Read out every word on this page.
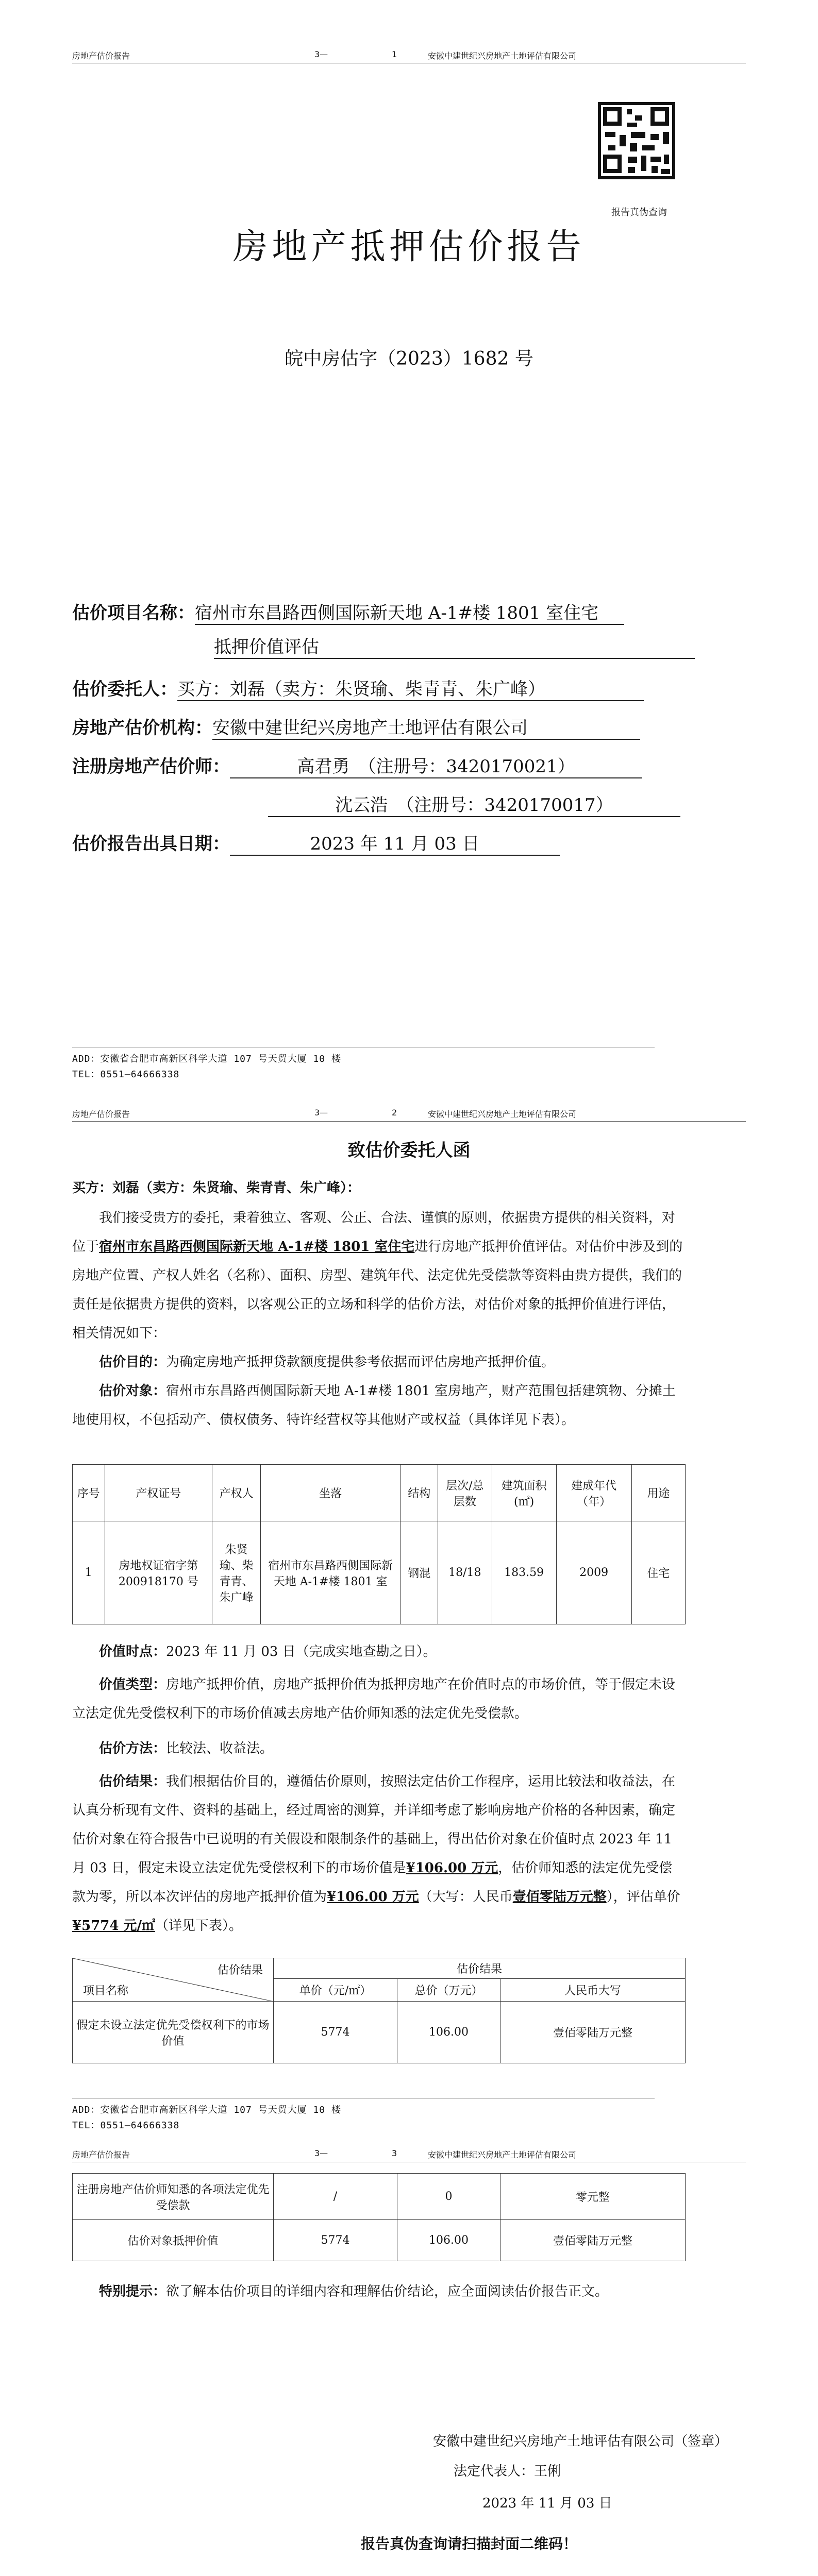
房地产估价报告	3—	1	安徽中建世纪兴房地产土地评估有限公司
报告真伪查询
房地产抵押估价报告
皖中房估字（2023）1682 号
估价项目名称：宿州市东昌路西侧国际新天地 A-1#楼 1801 室住宅
抵押价值评估
估价委托人：买方：刘磊（卖方：朱贤瑜、柴青青、朱广峰）
房地产估价机构：安徽中建世纪兴房地产土地评估有限公司
注册房地产估价师：	高君勇　（注册号：3420170021）
沈云浩　（注册号：3420170017）
估价报告出具日期：	2023 年 11 月 03 日
ADD：安徽省合肥市高新区科学大道 107 号天贸大厦 10 楼
TEL：0551—64666338
房地产估价报告	3—	2	安徽中建世纪兴房地产土地评估有限公司
致估价委托人函
买方：刘磊（卖方：朱贤瑜、柴青青、朱广峰）：
我们接受贵方的委托，秉着独立、客观、公正、合法、谨慎的原则，依据贵方提供的相关资料，对位于宿州市东昌路西侧国际新天地 A-1#楼 1801 室住宅进行房地产抵押价值评估。对估价中涉及到的房地产位置、产权人姓名（名称）、面积、房型、建筑年代、法定优先受偿款等资料由贵方提供，我们的责任是依据贵方提供的资料，以客观公正的立场和科学的估价方法，对估价对象的抵押价值进行评估，相关情况如下：
估价目的：为确定房地产抵押贷款额度提供参考依据而评估房地产抵押价值。
估价对象：宿州市东昌路西侧国际新天地 A-1#楼 1801 室房地产，财产范围包括建筑物、分摊土地使用权，不包括动产、债权债务、特许经营权等其他财产或权益（具体详见下表）。
序号	产权证号	产权人	坐落	结构	层次/总层数	建筑面积(㎡)	建成年代（年）	用途
1	房地权证宿字第 200918170 号	朱贤瑜、柴青青、朱广峰	宿州市东昌路西侧国际新天地 A-1#楼 1801 室	钢混	18/18	183.59	2009	住宅
价值时点：2023 年 11 月 03 日（完成实地查勘之日）。
价值类型：房地产抵押价值，房地产抵押价值为抵押房地产在价值时点的市场价值，等于假定未设立法定优先受偿权利下的市场价值减去房地产估价师知悉的法定优先受偿款。
估价方法：比较法、收益法。
估价结果：我们根据估价目的，遵循估价原则，按照法定估价工作程序，运用比较法和收益法，在认真分析现有文件、资料的基础上，经过周密的测算，并详细考虑了影响房地产价格的各种因素，确定估价对象在符合报告中已说明的有关假设和限制条件的基础上，得出估价对象在价值时点 2023 年 11 月 03 日，假定未设立法定优先受偿权利下的市场价值是¥106.00 万元，估价师知悉的法定优先受偿款为零，所以本次评估的房地产抵押价值为¥106.00 万元（大写：人民币壹佰零陆万元整），评估单价¥5774 元/㎡（详见下表）。
估价结果
项目名称	估价结果		
	单价（元/㎡）	总价（万元）	人民币大写
假定未设立法定优先受偿权利下的市场价值	5774	106.00	壹佰零陆万元整
ADD：安徽省合肥市高新区科学大道 107 号天贸大厦 10 楼
TEL：0551—64666338
房地产估价报告	3—	3	安徽中建世纪兴房地产土地评估有限公司
注册房地产估价师知悉的各项法定优先受偿款	/	0	零元整
估价对象抵押价值	5774	106.00	壹佰零陆万元整
特别提示：欲了解本估价项目的详细内容和理解估价结论，应全面阅读估价报告正文。
安徽中建世纪兴房地产土地评估有限公司（签章）
法定代表人：王俐
2023 年 11 月 03 日
报告真伪查询请扫描封面二维码！
